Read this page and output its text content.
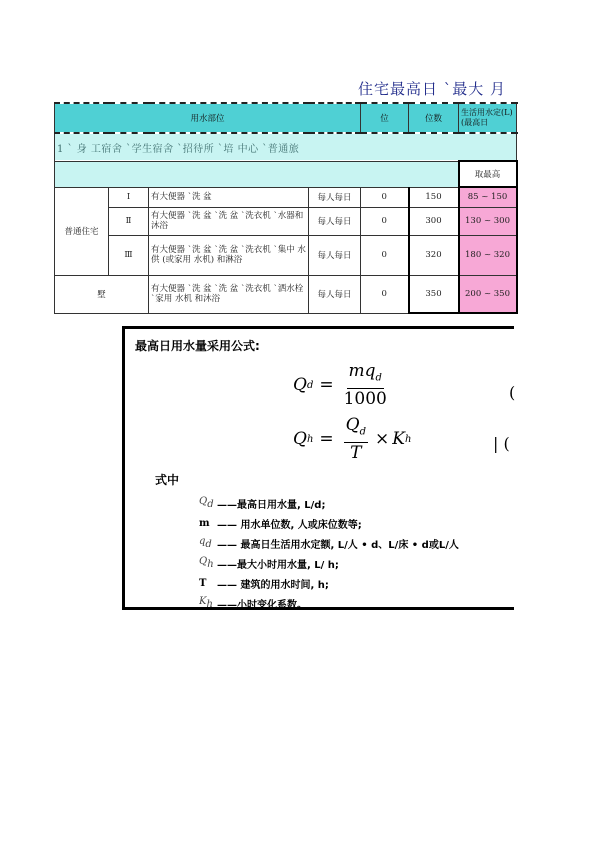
住宅最高日 `最大 月
用水部位				位	位数	生活用水定(L) (最高日	
1 ` 身 工宿舍 `学生宿舍 `招待所 `培 中心 `普通旅							
						取最高	
普通住宅	Ⅰ	有大便器 `洗 盆	每人每日	0	150	85 ~ 150	
	Ⅱ	有大便器 `洗 盆 `洗 盆 `洗衣机 `水器和沐浴	每人每日	0	300	130 ~ 300	
	Ⅲ	有大便器 `洗 盆 `洗 盆 `洗衣机 `集中 水供 (或家用 水机) 和淋浴	每人每日	0	320	180 ~ 320	
墅		有大便器 `洗 盆 `洗 盆 `洗衣机 `洒水栓 `家用 水机 和沐浴	每人每日	0	350	200 ~ 350	
最高日用水量采用公式:
Q $d = \frac{mq_d}{1000}$	(
Q $h = \frac{Q_d}{T} \times K$ h	| (
式中
$Q_d$ ——最高日用水量, L/d;
m —— 用水单位数, 人或床位数等;
$q_d$ —— 最高日生活用水定额, L/人 • d、L/床 • d或L/人
$Q_h$ ——最大小时用水量, L/ h;
T	—— 建筑的用水时间, h;
$K_h$ ——小时变化系数。
